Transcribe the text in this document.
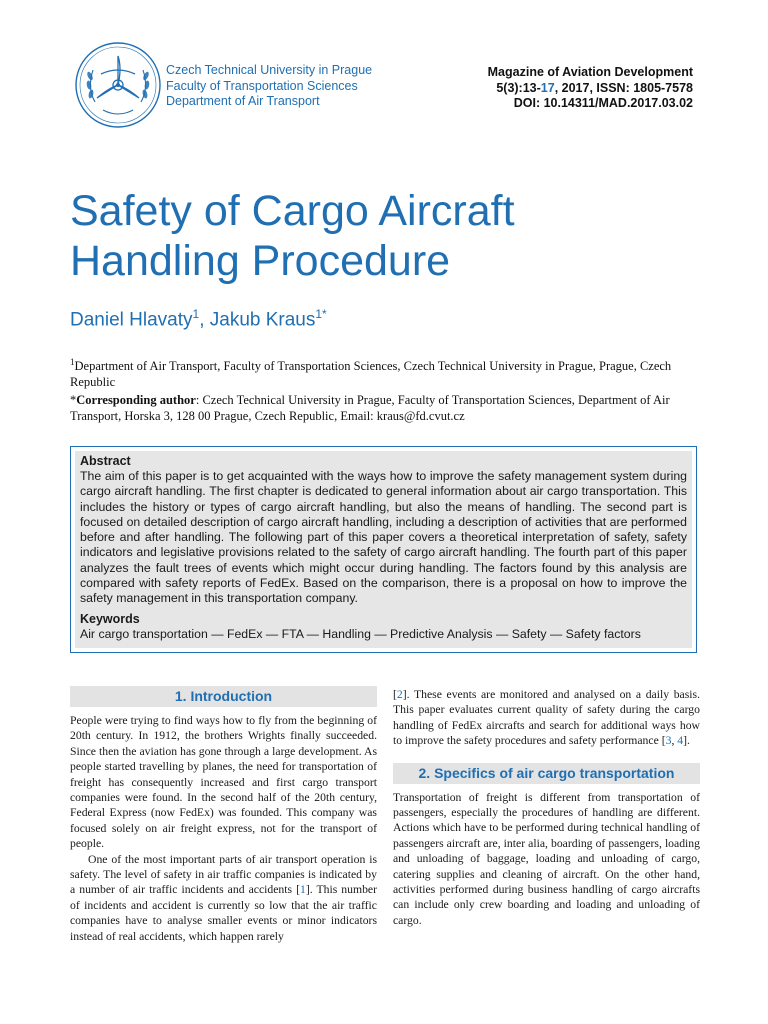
Czech Technical University in Prague
Faculty of Transportation Sciences
Department of Air Transport
Magazine of Aviation Development
5(3):13-17, 2017, ISSN: 1805-7578
DOI: 10.14311/MAD.2017.03.02
Safety of Cargo Aircraft
Handling Procedure
Daniel Hlavaty$^1$, Jakub Kraus$^{1*}$

$^1$Department of Air Transport, Faculty of Transportation Sciences, Czech Technical University in Prague, Prague, Czech Republic

*Corresponding author: Czech Technical University in Prague, Faculty of Transportation Sciences, Department of Air Transport, Horska 3, 128 00 Prague, Czech Republic, Email: kraus@fd.cvut.cz

Abstract
The aim of this paper is to get acquainted with the ways how to improve the safety management system during cargo aircraft handling. The first chapter is dedicated to general information about air cargo transportation. This includes the history or types of cargo aircraft handling, but also the means of handling. The second part is focused on detailed description of cargo aircraft handling, including a description of activities that are performed before and after handling. The following part of this paper covers a theoretical interpretation of safety, safety indicators and legislative provisions related to the safety of cargo aircraft handling. The fourth part of this paper analyzes the fault trees of events which might occur during handling. The factors found by this analysis are compared with safety reports of FedEx. Based on the comparison, there is a proposal on how to improve the safety management in this transportation company.
Keywords
Air cargo transportation — FedEx — FTA — Handling — Predictive Analysis — Safety — Safety factors
1. Introduction

People were trying to find ways how to fly from the beginning of 20th century. In 1912, the brothers Wrights finally succeeded. Since then the aviation has gone through a large development. As people started travelling by planes, the need for transportation of freight has consequently increased and first cargo transport companies were found. In the second half of the 20th century, Federal Express (now FedEx) was founded. This company was focused solely on air freight express, not for the transport of people.

One of the most important parts of air transport operation is safety. The level of safety in air traffic companies is indicated by a number of air traffic incidents and accidents [1]. This number of incidents and accident is currently so low that the air traffic companies have to analyse smaller events or minor indicators instead of real accidents, which happen rarely

[2]. These events are monitored and analysed on a daily basis. This paper evaluates current quality of safety during the cargo handling of FedEx aircrafts and search for additional ways how to improve the safety procedures and safety performance [3, 4].

2. Specifics of air cargo transportation

Transportation of freight is different from transportation of passengers, especially the procedures of handling are different. Actions which have to be performed during technical handling of passengers aircraft are, inter alia, boarding of passengers, loading and unloading of baggage, loading and unloading of cargo, catering supplies and cleaning of aircraft. On the other hand, activities performed during business handling of cargo aircrafts can include only crew boarding and loading and unloading of cargo.
